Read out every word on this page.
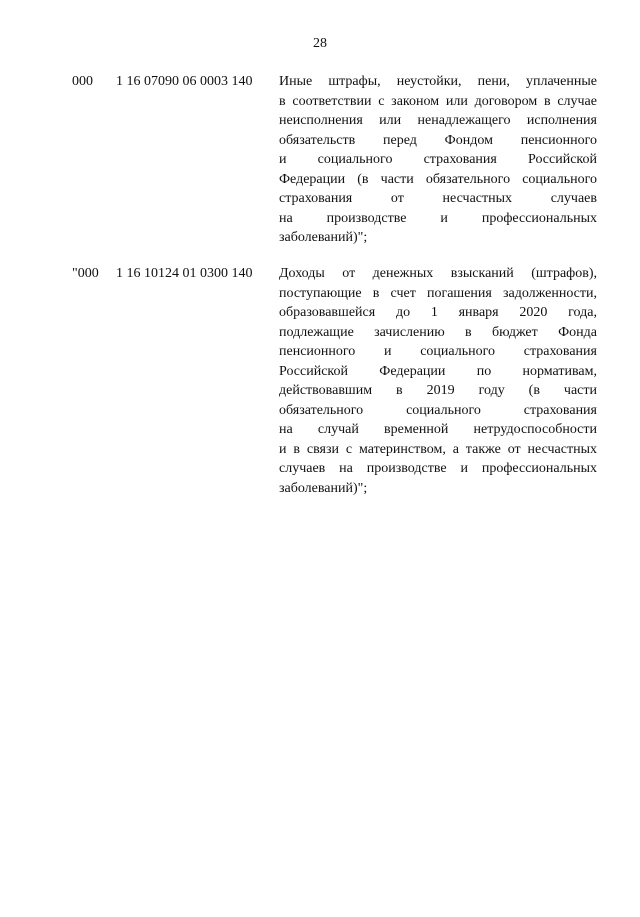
28
000 1 16 07090 06 0003 140 Иные штрафы, неустойки, пени, уплаченные
в соответствии с законом или договором в случае
неисполнения или ненадлежащего исполнения
обязательств перед Фондом пенсионного
и социального страхования Российской
Федерации (в части обязательного социального
страхования от несчастных случаев
на производстве и профессиональных
заболеваний)";
"000 1 16 10124 01 0300 140 Доходы от денежных взысканий (штрафов),
поступающие в счет погашения задолженности,
образовавшейся до 1 января 2020 года,
подлежащие зачислению в бюджет Фонда
пенсионного и социального страхования
Российской Федерации по нормативам,
действовавшим в 2019 году (в части
обязательного социального страхования
на случай временной нетрудоспособности
и в связи с материнством, а также от несчастных
случаев на производстве и профессиональных
заболеваний)";
